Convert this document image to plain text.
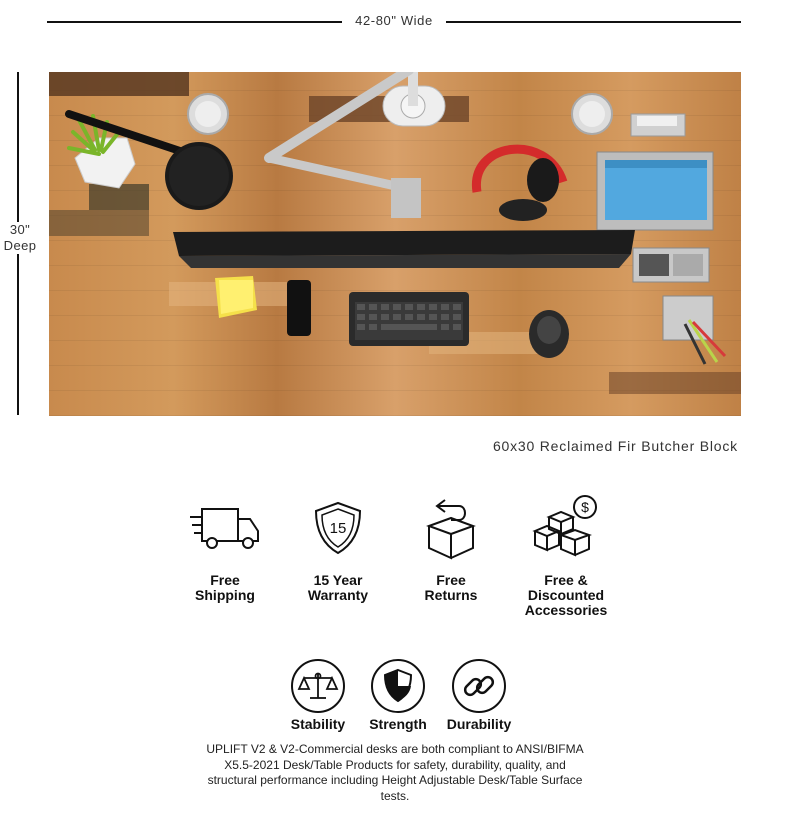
42-80" Wide
30"
Deep
60x30 Reclaimed Fir Butcher Block
Free
Shipping
15
15 Year
Warranty
Free
Returns
$
Free &
Discounted
Accessories
Stability	Strength	Durability
UPLIFT V2 & V2-Commercial desks are both compliant to ANSI/BIFMA X5.5-2021 Desk/Table Products for safety, durability, quality, and structural performance including Height Adjustable Desk/Table Surface tests.
